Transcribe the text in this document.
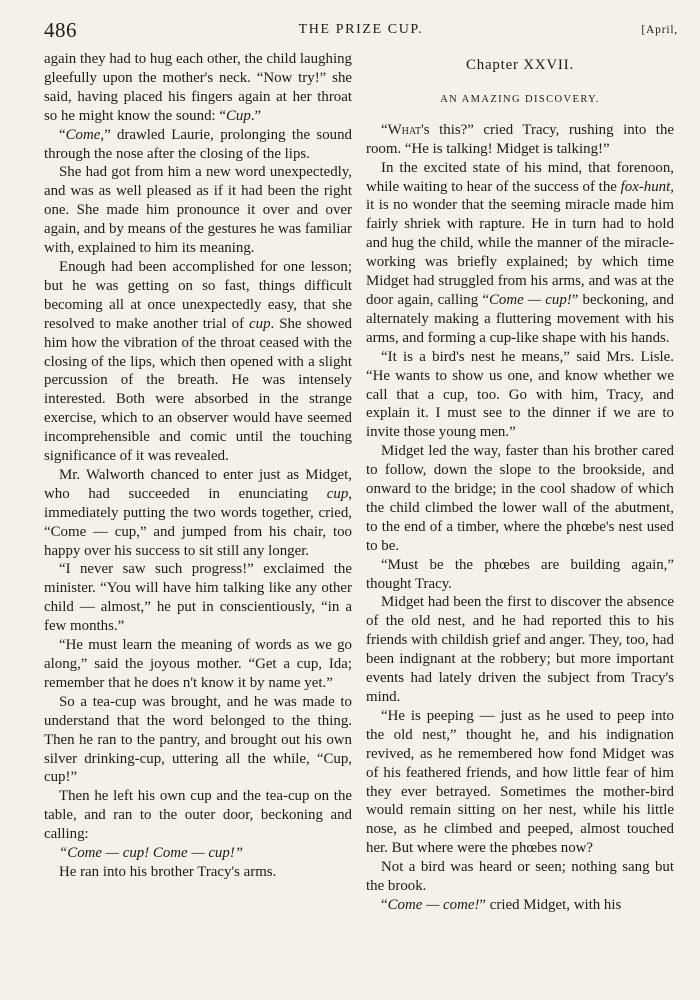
486	THE PRIZE CUP.	[April,

again they had to hug each other, the child laughing gleefully upon the mother's neck. “Now try!” she said, having placed his fingers again at her throat so he might know the sound: “Cup.”

“Come,” drawled Laurie, prolonging the sound through the nose after the closing of the lips.

She had got from him a new word unexpectedly, and was as well pleased as if it had been the right one. She made him pronounce it over and over again, and by means of the gestures he was familiar with, explained to him its meaning.

Enough had been accomplished for one lesson; but he was getting on so fast, things difficult becoming all at once unexpectedly easy, that she resolved to make another trial of cup. She showed him how the vibration of the throat ceased with the closing of the lips, which then opened with a slight percussion of the breath. He was intensely interested. Both were absorbed in the strange exercise, which to an observer would have seemed incomprehensible and comic until the touching significance of it was revealed.

Mr. Walworth chanced to enter just as Midget, who had succeeded in enunciating cup, immediately putting the two words together, cried, “Come — cup,” and jumped from his chair, too happy over his success to sit still any longer.

“I never saw such progress!” exclaimed the minister. “You will have him talking like any other child — almost,” he put in conscientiously, “in a few months.”

“He must learn the meaning of words as we go along,” said the joyous mother. “Get a cup, Ida; remember that he does n't know it by name yet.”

So a tea-cup was brought, and he was made to understand that the word belonged to the thing. Then he ran to the pantry, and brought out his own silver drinking-cup, uttering all the while, “Cup, cup!”

Then he left his own cup and the tea-cup on the table, and ran to the outer door, beckoning and calling:

“Come — cup! Come — cup!”

He ran into his brother Tracy's arms.

Chapter XXVII.

AN AMAZING DISCOVERY.

“What's this?” cried Tracy, rushing into the room. “He is talking! Midget is talking!”

In the excited state of his mind, that forenoon, while waiting to hear of the success of the fox-hunt, it is no wonder that the seeming miracle made him fairly shriek with rapture. He in turn had to hold and hug the child, while the manner of the miracle-working was briefly explained; by which time Midget had struggled from his arms, and was at the door again, calling “Come — cup!” beckoning, and alternately making a fluttering movement with his arms, and forming a cup-like shape with his hands.

“It is a bird's nest he means,” said Mrs. Lisle. “He wants to show us one, and know whether we call that a cup, too. Go with him, Tracy, and explain it. I must see to the dinner if we are to invite those young men.”

Midget led the way, faster than his brother cared to follow, down the slope to the brookside, and onward to the bridge; in the cool shadow of which the child climbed the lower wall of the abutment, to the end of a timber, where the phœbe's nest used to be.

“Must be the phœbes are building again,” thought Tracy.

Midget had been the first to discover the absence of the old nest, and he had reported this to his friends with childish grief and anger. They, too, had been indignant at the robbery; but more important events had lately driven the subject from Tracy's mind.

“He is peeping — just as he used to peep into the old nest,” thought he, and his indignation revived, as he remembered how fond Midget was of his feathered friends, and how little fear of him they ever betrayed. Sometimes the mother-bird would remain sitting on her nest, while his little nose, as he climbed and peeped, almost touched her. But where were the phœbes now?

Not a bird was heard or seen; nothing sang but the brook.

“Come — come!” cried Midget, with his
